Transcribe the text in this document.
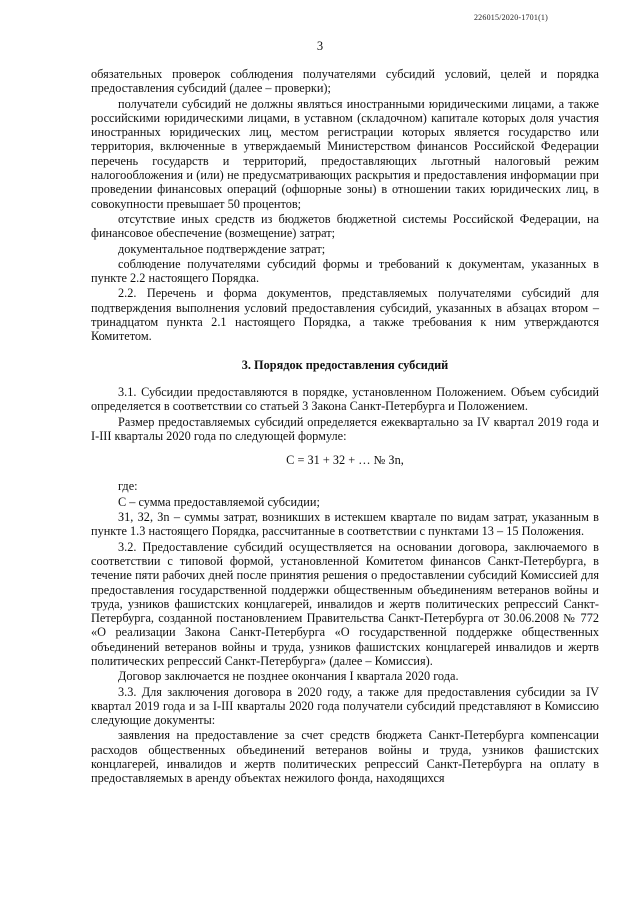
226015/2020-1701(1)
3

обязательных проверок соблюдения получателями субсидий условий, целей и порядка предоставления субсидий (далее – проверки);

получатели субсидий не должны являться иностранными юридическими лицами, а также российскими юридическими лицами, в уставном (складочном) капитале которых доля участия иностранных юридических лиц, местом регистрации которых является государство или территория, включенные в утверждаемый Министерством финансов Российской Федерации перечень государств и территорий, предоставляющих льготный налоговый режим налогообложения и (или) не предусматривающих раскрытия и предоставления информации при проведении финансовых операций (офшорные зоны) в отношении таких юридических лиц, в совокупности превышает 50 процентов;

отсутствие иных средств из бюджетов бюджетной системы Российской Федерации, на финансовое обеспечение (возмещение) затрат;

документальное подтверждение затрат;

соблюдение получателями субсидий формы и требований к документам, указанных в пункте 2.2 настоящего Порядка.

2.2. Перечень и форма документов, представляемых получателями субсидий для подтверждения выполнения условий предоставления субсидий, указанных в абзацах втором – тринадцатом пункта 2.1 настоящего Порядка, а также требования к ним утверждаются Комитетом.

3. Порядок предоставления субсидий

3.1. Субсидии предоставляются в порядке, установленном Положением. Объем субсидий определяется в соответствии со статьей 3 Закона Санкт-Петербурга и Положением.

Размер предоставляемых субсидий определяется ежеквартально за IV квартал 2019 года и I-III кварталы 2020 года по следующей формуле:

С = З1 + З2 + … № Зn,

где:

С – сумма предоставляемой субсидии;

З1, З2, Зn – суммы затрат, возникших в истекшем квартале по видам затрат, указанным в пункте 1.3 настоящего Порядка, рассчитанные в соответствии с пунктами 13 – 15 Положения.

3.2. Предоставление субсидий осуществляется на основании договора, заключаемого в соответствии с типовой формой, установленной Комитетом финансов Санкт-Петербурга, в течение пяти рабочих дней после принятия решения о предоставлении субсидий Комиссией для предоставления государственной поддержки общественным объединениям ветеранов войны и труда, узников фашистских концлагерей, инвалидов и жертв политических репрессий Санкт-Петербурга, созданной постановлением Правительства Санкт-Петербурга от 30.06.2008 № 772 «О реализации Закона Санкт-Петербурга «О государственной поддержке общественных объединений ветеранов войны и труда, узников фашистских концлагерей инвалидов и жертв политических репрессий Санкт-Петербурга» (далее – Комиссия).

Договор заключается не позднее окончания I квартала 2020 года.

3.3. Для заключения договора в 2020 году, а также для предоставления субсидии за IV квартал 2019 года и за I-III кварталы 2020 года получатели субсидий представляют в Комиссию следующие документы:

заявления на предоставление за счет средств бюджета Санкт-Петербурга компенсации расходов общественных объединений ветеранов войны и труда, узников фашистских концлагерей, инвалидов и жертв политических репрессий Санкт-Петербурга на оплату в предоставляемых в аренду объектах нежилого фонда, находящихся
